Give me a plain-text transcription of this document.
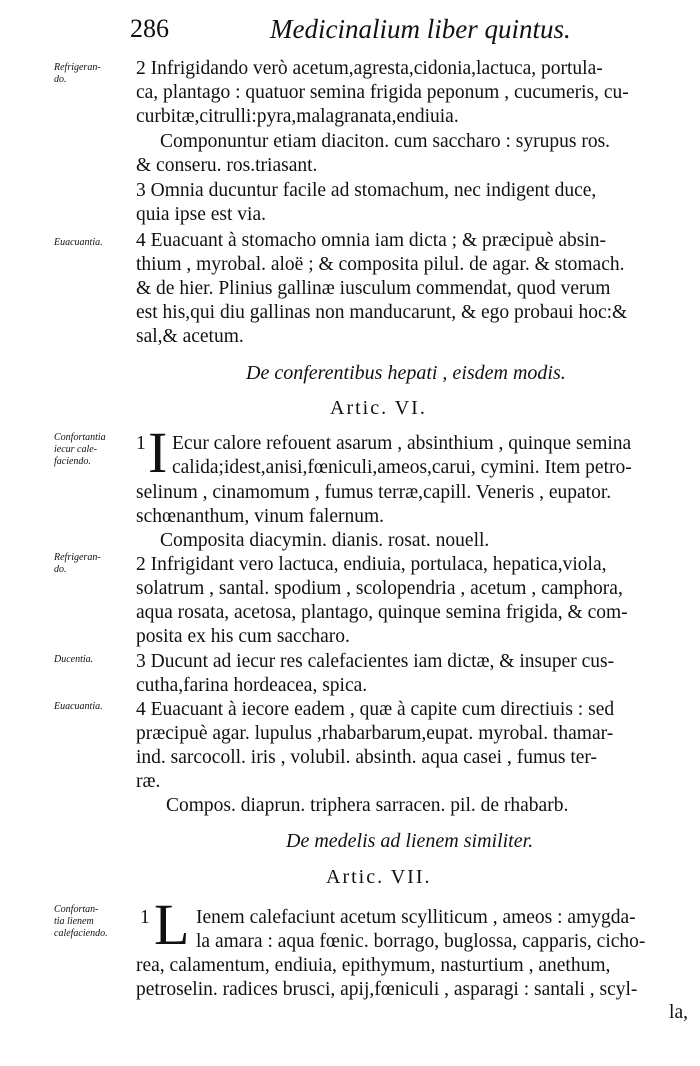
286	Medicinalium liber quintus.
Refrigeran-
do.
Euacuantia.
Confortantia
iecur cale-
faciendo.
Refrigeran-
do.
Ducentia.
Euacuantia.
Confortan-
tia lienem
calefaciendo.
2 Infrigidando verò acetum,agresta,cidonia,lactuca, portula-
ca, plantago : quatuor semina frigida peponum , cucumeris, cu-
curbitæ,citrulli:pyra,malagranata,endiuia.
Componuntur etiam diaciton. cum saccharo : syrupus ros.
& conseru. ros.triasant.
3 Omnia ducuntur facile ad stomachum, nec indigent duce,
quia ipse est via.
4 Euacuant à stomacho omnia iam dicta ; & præcipuè absin-
thium , myrobal. aloë ; & composita pilul. de agar. & stomach.
& de hier. Plinius gallinæ iusculum commendat, quod verum
est his,qui diu gallinas non manducarunt, & ego probaui hoc:&
sal,& acetum.
De conferentibus hepati , eisdem modis.
Artic. VI.
1 I Ecur calore refouent asarum , absinthium , quinque semina
calida;idest,anisi,fœniculi,ameos,carui, cymini. Item petro-
selinum , cinamomum , fumus terræ,capill. Veneris , eupator.
schœnanthum, vinum falernum.
Composita diacymin. dianis. rosat. nouell.
2 Infrigidant vero lactuca, endiuia, portulaca, hepatica,viola,
solatrum , santal. spodium , scolopendria , acetum , camphora,
aqua rosata, acetosa, plantago, quinque semina frigida, & com-
posita ex his cum saccharo.
3 Ducunt ad iecur res calefacientes iam dictæ, & insuper cus-
cutha,farina hordeacea, spica.
4 Euacuant à iecore eadem , quæ à capite cum directiuis : sed
præcipuè agar. lupulus ,rhabarbarum,eupat. myrobal. thamar-
ind. sarcocoll. iris , volubil. absinth. aqua casei , fumus ter-
ræ.
Compos. diaprun. triphera sarracen. pil. de rhabarb.
De medelis ad lienem similiter.
Artic. VII.
1 L Ienem calefaciunt acetum scylliticum , ameos : amygda-
la amara : aqua fœnic. borrago, buglossa, capparis, cicho-
rea, calamentum, endiuia, epithymum, nasturtium , anethum,
petroselin. radices brusci, apij,fœniculi , asparagi : santali , scyl-
la,
